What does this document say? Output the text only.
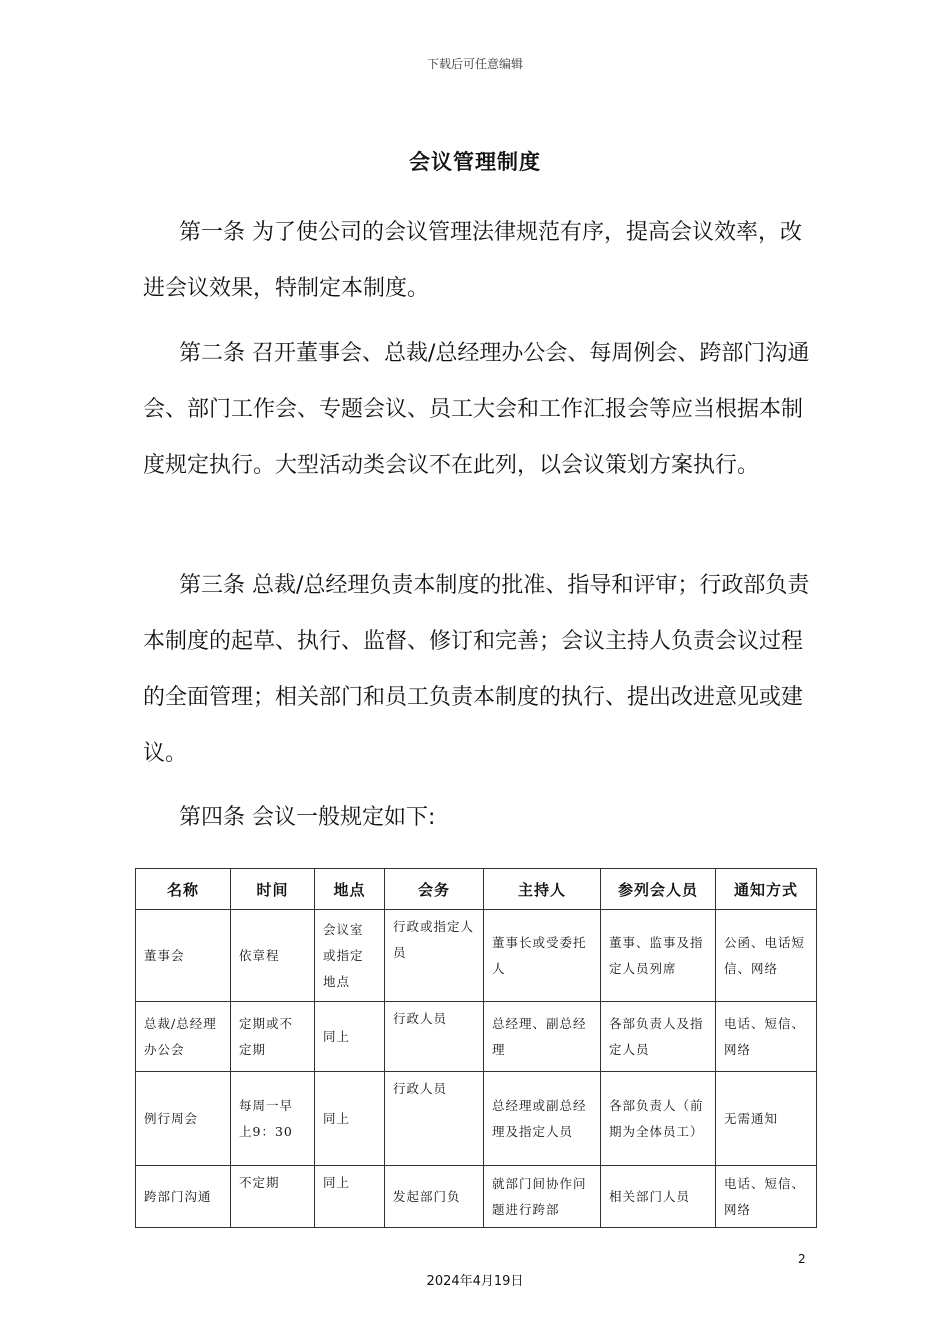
下载后可任意编辑
会议管理制度

第一条 为了使公司的会议管理法律规范有序，提高会议效率，改进会议效果，特制定本制度。

第二条 召开董事会、总裁/总经理办公会、每周例会、跨部门沟通会、部门工作会、专题会议、员工大会和工作汇报会等应当根据本制度规定执行。大型活动类会议不在此列，以会议策划方案执行。

第三条 总裁/总经理负责本制度的批准、指导和评审；行政部负责本制度的起草、执行、监督、修订和完善；会议主持人负责会议过程的全面管理；相关部门和员工负责本制度的执行、提出改进意见或建议。

第四条 会议一般规定如下:

名称	时间	地点	会务	主持人	参列会人员	通知方式
董事会	依章程	会议室或指定地点	行政或指定人员	董事长或受委托人	董事、监事及指定人员列席	公函、电话短信、网络
总裁/总经理办公会	定期或不定期	同上	行政人员	总经理、副总经理	各部负责人及指定人员	电话、短信、网络
例行周会	每周一早上9：30	同上	行政人员	总经理或副总经理及指定人员	各部负责人（前期为全体员工）	无需通知
跨部门沟通	不定期	同上	发起部门负	就部门间协作问题进行跨部	相关部门人员	电话、短信、网络
2
2024年4月19日
